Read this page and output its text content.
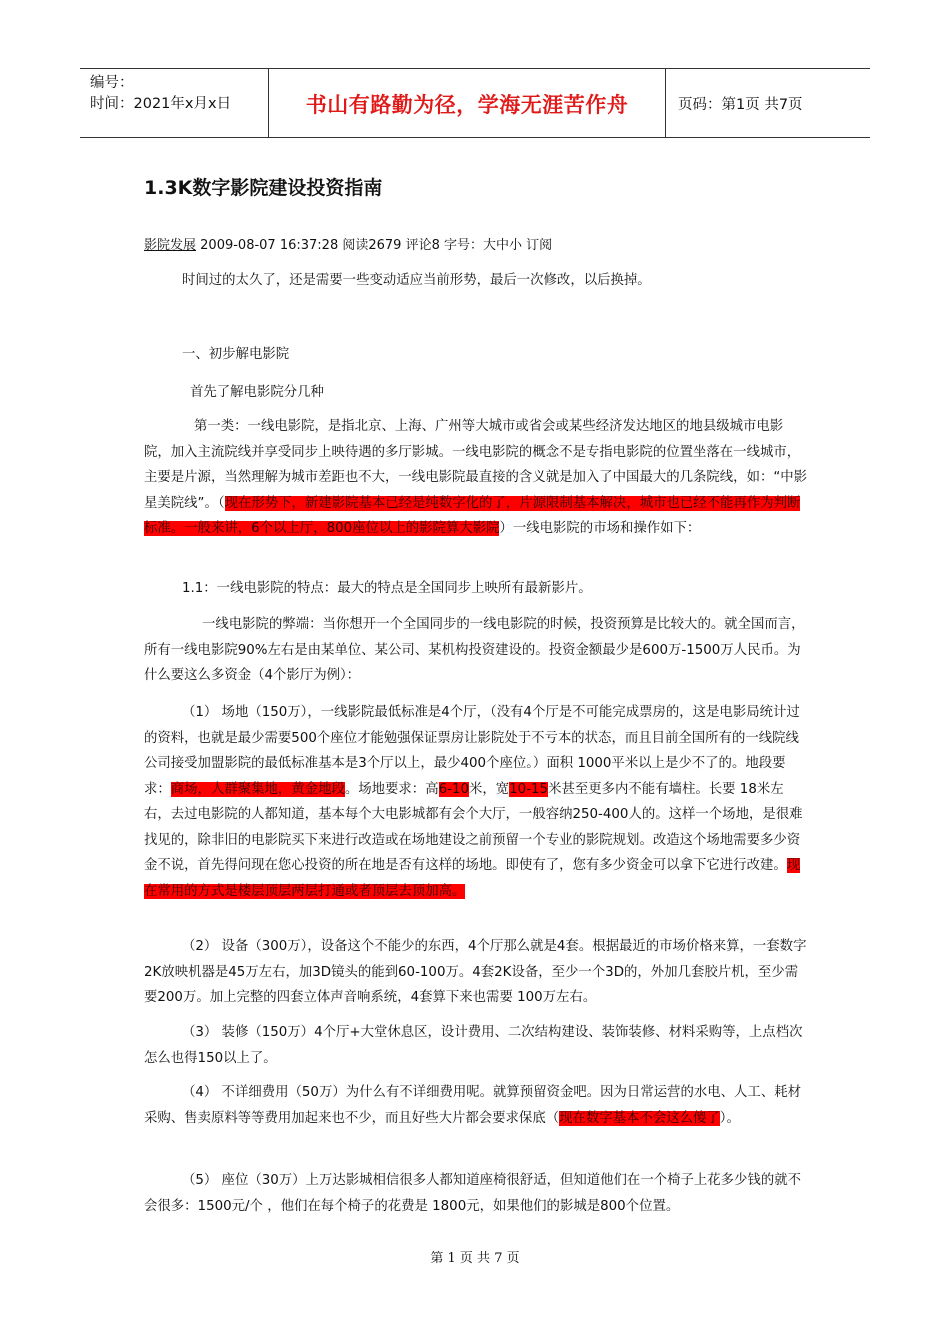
编号：
时间：2021年x月x日	书山有路勤为径，学海无涯苦作舟	页码：第1页 共7页
1.3K数字影院建设投资指南
影院发展 2009-08-07 16:37:28 阅读2679 评论8 字号：大中小 订阅

时间过的太久了，还是需要一些变动适应当前形势，最后一次修改，以后换掉。

一、初步解电影院

首先了解电影院分几种

第一类：一线电影院，是指北京、上海、广州等大城市或省会或某些经济发达地区的地县级城市电影院，加入主流院线并享受同步上映待遇的多厅影城。一线电影院的概念不是专指电影院的位置坐落在一线城市，主要是片源，当然理解为城市差距也不大，一线电影院最直接的含义就是加入了中国最大的几条院线，如：“中影星美院线”。（现在形势下，新建影院基本已经是纯数字化的了，片源限制基本解决，城市也已经不能再作为判断标准。一般来讲，6个以上厅，800座位以上的影院算大影院）一线电影院的市场和操作如下：

1.1：一线电影院的特点：最大的特点是全国同步上映所有最新影片。

一线电影院的弊端：当你想开一个全国同步的一线电影院的时候，投资预算是比较大的。就全国而言，所有一线电影院90%左右是由某单位、某公司、某机构投资建设的。投资金额最少是600万-1500万人民币。为什么要这么多资金（4个影厅为例）：

（1） 场地（150万），一线影院最低标准是4个厅，（没有4个厅是不可能完成票房的，这是电影局统计过的资料，也就是最少需要500个座位才能勉强保证票房让影院处于不亏本的状态，而且目前全国所有的一线院线公司接受加盟影院的最低标准基本是3个厅以上，最少400个座位。）面积 1000平米以上是少不了的。地段要求：商场，人群聚集地，黄金地段。场地要求：高6-10米，宽10-15米甚至更多内不能有墙柱。长要 18米左右，去过电影院的人都知道，基本每个大电影城都有会个大厅，一般容纳250-400人的。这样一个场地，是很难找见的，除非旧的电影院买下来进行改造或在场地建设之前预留一个专业的影院规划。改造这个场地需要多少资金不说，首先得问现在您心投资的所在地是否有这样的场地。即使有了，您有多少资金可以拿下它进行改建。现在常用的方式是楼层顶层两层打通或者顶层去顶加高。

（2） 设备（300万），设备这个不能少的东西，4个厅那么就是4套。根据最近的市场价格来算，一套数字2K放映机器是45万左右，加3D镜头的能到60-100万。4套2K设备，至少一个3D的，外加几套胶片机，至少需要200万。加上完整的四套立体声音响系统，4套算下来也需要 100万左右。

（3） 装修（150万）4个厅+大堂休息区，设计费用、二次结构建设、装饰装修、材料采购等，上点档次怎么也得150以上了。

（4） 不详细费用（50万）为什么有不详细费用呢。就算预留资金吧。因为日常运营的水电、人工、耗材采购、售卖原料等等费用加起来也不少，而且好些大片都会要求保底（现在数字基本不会这么傻了）。

（5） 座位（30万）上万达影城相信很多人都知道座椅很舒适，但知道他们在一个椅子上花多少钱的就不会很多：1500元/个 ，他们在每个椅子的花费是 1800元，如果他们的影城是800个位置。

第 1 页 共 7 页
